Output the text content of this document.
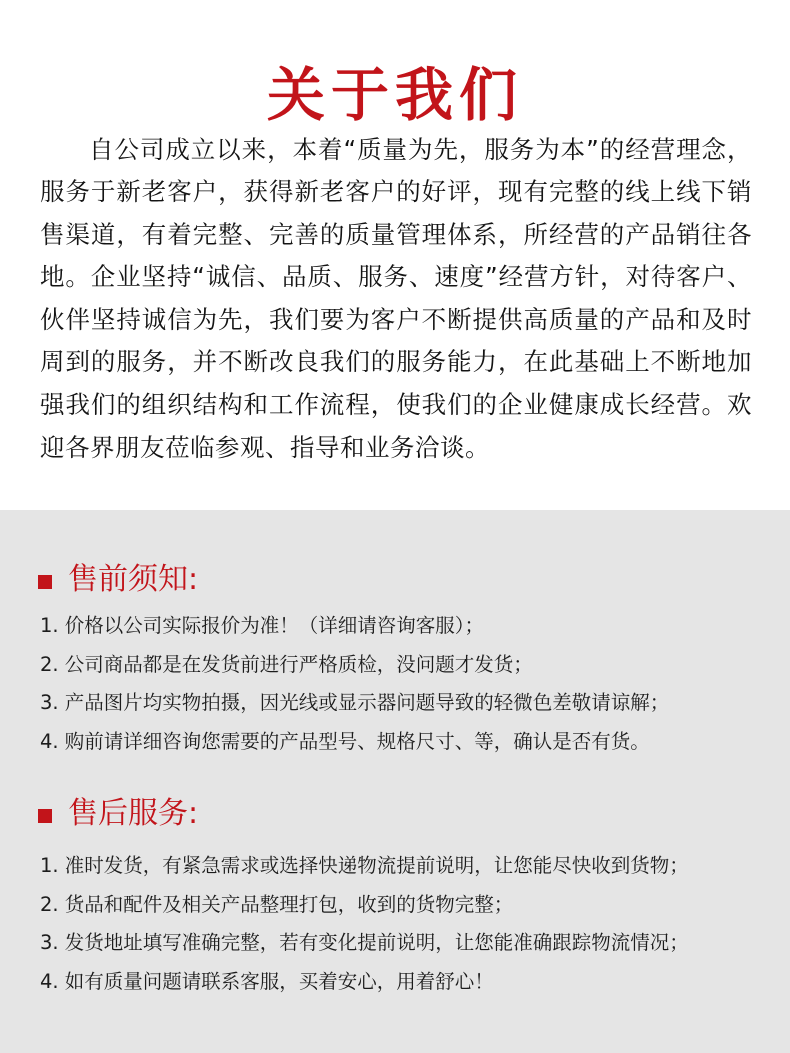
关于我们

自公司成立以来，本着“质量为先，服务为本”的经营理念，服务于新老客户，获得新老客户的好评，现有完整的线上线下销售渠道，有着完整、完善的质量管理体系，所经营的产品销往各地。企业坚持“诚信、品质、服务、速度”经营方针，对待客户、伙伴坚持诚信为先，我们要为客户不断提供高质量的产品和及时周到的服务，并不断改良我们的服务能力，在此基础上不断地加强我们的组织结构和工作流程，使我们的企业健康成长经营。欢迎各界朋友莅临参观、指导和业务洽谈。

售前须知:
1. 价格以公司实际报价为准！（详细请咨询客服）；
2. 公司商品都是在发货前进行严格质检，没问题才发货；
3. 产品图片均实物拍摄，因光线或显示器问题导致的轻微色差敬请谅解；
4. 购前请详细咨询您需要的产品型号、规格尺寸、等，确认是否有货。
售后服务:
1. 准时发货，有紧急需求或选择快递物流提前说明，让您能尽快收到货物；
2. 货品和配件及相关产品整理打包，收到的货物完整；
3. 发货地址填写准确完整，若有变化提前说明，让您能准确跟踪物流情况；
4. 如有质量问题请联系客服，买着安心，用着舒心！
